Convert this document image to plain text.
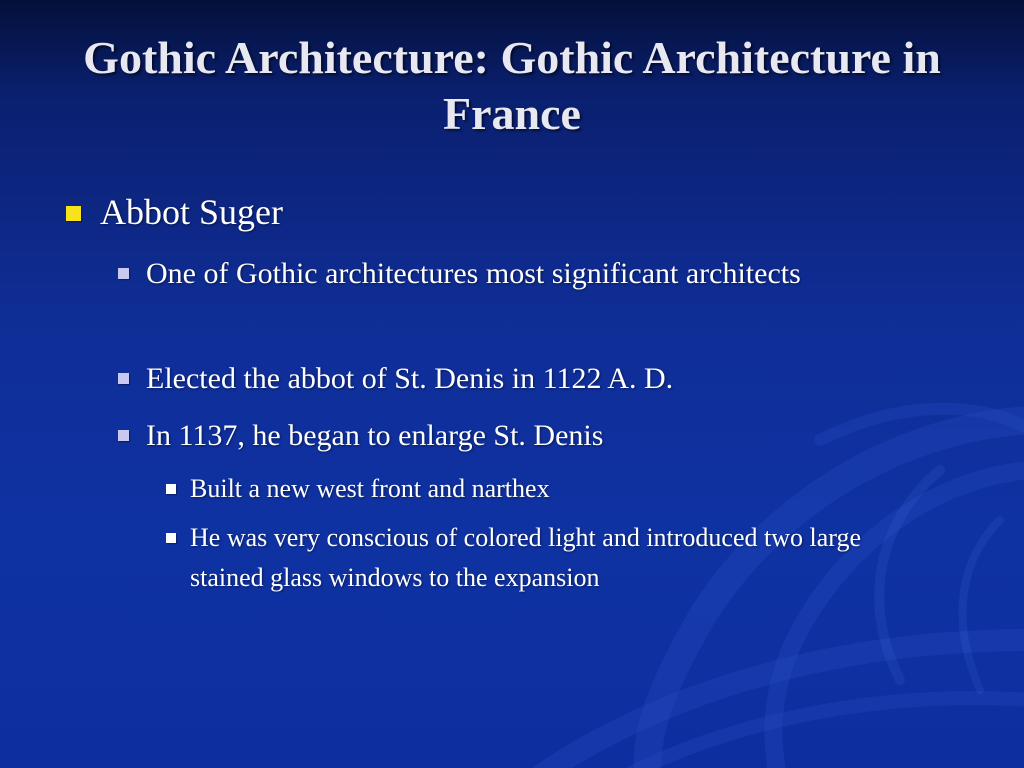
Gothic Architecture: Gothic Architecture in France
Abbot Suger
One of Gothic architectures most significant architects
Elected the abbot of St. Denis in 1122 A. D.
In 1137, he began to enlarge St. Denis
Built a new west front and narthex
He was very conscious of colored light and introduced two large stained glass windows to the expansion
